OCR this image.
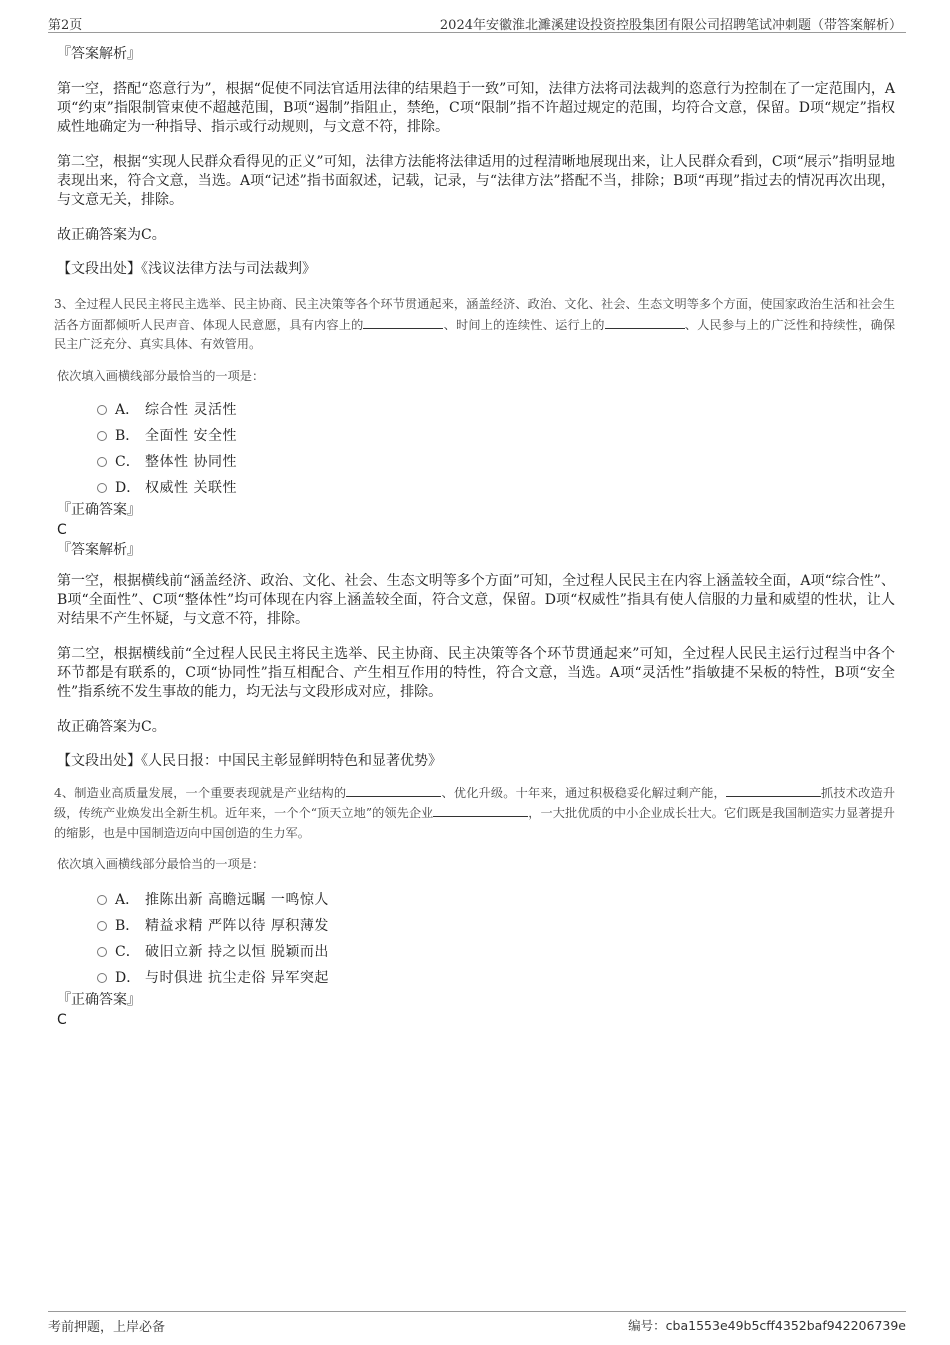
第2页	2024年安徽淮北濉溪建设投资控股集团有限公司招聘笔试冲刺题（带答案解析）

『答案解析』

第一空，搭配“恣意行为”，根据“促使不同法官适用法律的结果趋于一致”可知，法律方法将司法裁判的恣意行为控制在了一定范围内，A项“约束”指限制管束使不超越范围，B项“遏制”指阻止，禁绝，C项“限制”指不许超过规定的范围，均符合文意，保留。D项“规定”指权威性地确定为一种指导、指示或行动规则，与文意不符，排除。

第二空，根据“实现人民群众看得见的正义”可知，法律方法能将法律适用的过程清晰地展现出来，让人民群众看到，C项“展示”指明显地表现出来，符合文意，当选。A项“记述”指书面叙述，记载，记录，与“法律方法”搭配不当，排除；B项“再现”指过去的情况再次出现，与文意无关，排除。

故正确答案为C。

【文段出处】《浅议法律方法与司法裁判》

3、全过程人民民主将民主选举、民主协商、民主决策等各个环节贯通起来，涵盖经济、政治、文化、社会、生态文明等多个方面，使国家政治生活和社会生活各方面都倾听人民声音、体现人民意愿，具有内容上的	、时间上的连续性、运行上的	、人民参与上的广泛性和持续性，确保民主广泛充分、真实具体、有效管用。

依次填入画横线部分最恰当的一项是：

A． 综合性 灵活性
B． 全面性 安全性
C． 整体性 协同性
D． 权威性 关联性

『正确答案』

C

『答案解析』

第一空，根据横线前“涵盖经济、政治、文化、社会、生态文明等多个方面”可知，全过程人民民主在内容上涵盖较全面，A项“综合性”、B项“全面性”、C项“整体性”均可体现在内容上涵盖较全面，符合文意，保留。D项“权威性”指具有使人信服的力量和威望的性状，让人对结果不产生怀疑，与文意不符，排除。

第二空，根据横线前“全过程人民民主将民主选举、民主协商、民主决策等各个环节贯通起来”可知，全过程人民民主运行过程当中各个环节都是有联系的，C项“协同性”指互相配合、产生相互作用的特性，符合文意，当选。A项“灵活性”指敏捷不呆板的特性，B项“安全性”指系统不发生事故的能力，均无法与文段形成对应，排除。

故正确答案为C。

【文段出处】《人民日报：中国民主彰显鲜明特色和显著优势》

4、制造业高质量发展，一个重要表现就是产业结构的	、优化升级。十年来，通过积极稳妥化解过剩产能，	抓技术改造升级，传统产业焕发出全新生机。近年来，一个个“顶天立地”的领先企业	，一大批优质的中小企业成长壮大。它们既是我国制造实力显著提升的缩影，也是中国制造迈向中国创造的生力军。

依次填入画横线部分最恰当的一项是：

A． 推陈出新 高瞻远瞩 一鸣惊人
B． 精益求精 严阵以待 厚积薄发
C． 破旧立新 持之以恒 脱颖而出
D． 与时俱进 抗尘走俗 异军突起

『正确答案』

C

考前押题，上岸必备	编号：cba1553e49b5cff4352baf942206739e
